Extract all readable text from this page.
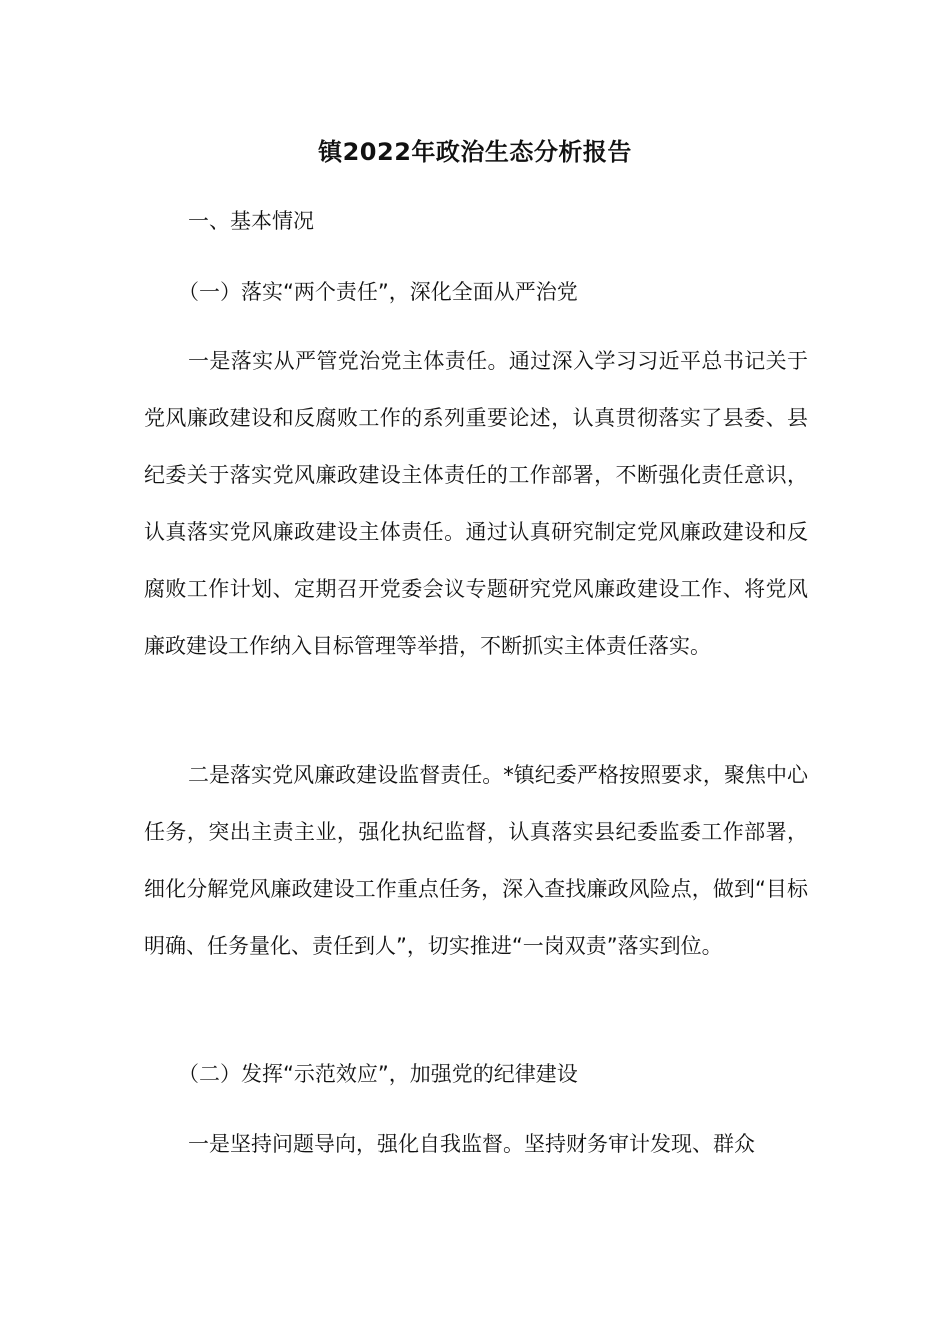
镇2022年政治生态分析报告

一、基本情况

（一）落实“两个责任”，深化全面从严治党

一是落实从严管党治党主体责任。通过深入学习习近平总书记关于党风廉政建设和反腐败工作的系列重要论述，认真贯彻落实了县委、县纪委关于落实党风廉政建设主体责任的工作部署，不断强化责任意识，认真落实党风廉政建设主体责任。通过认真研究制定党风廉政建设和反腐败工作计划、定期召开党委会议专题研究党风廉政建设工作、将党风廉政建设工作纳入目标管理等举措，不断抓实主体责任落实。

二是落实党风廉政建设监督责任。*镇纪委严格按照要求，聚焦中心任务，突出主责主业，强化执纪监督，认真落实县纪委监委工作部署，细化分解党风廉政建设工作重点任务，深入查找廉政风险点，做到“目标明确、任务量化、责任到人”，切实推进“一岗双责”落实到位。

（二）发挥“示范效应”，加强党的纪律建设

一是坚持问题导向，强化自我监督。坚持财务审计发现、群众
